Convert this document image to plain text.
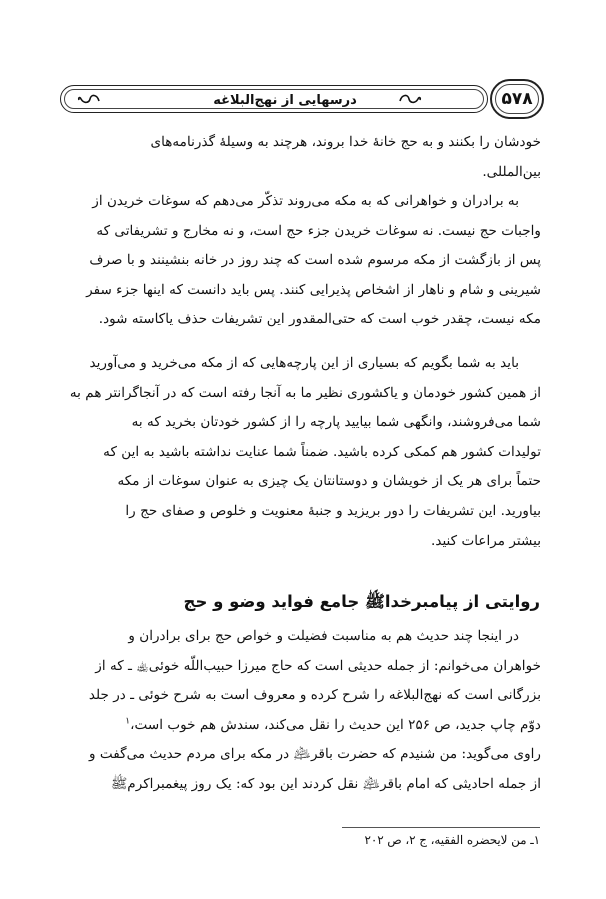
۵۷۸
درسهایی از نهج‌البلاغه

خودشان را بکنند و به حج خانهٔ خدا بروند، هرچند به وسیلهٔ گذرنامه‌های

بین‌المللی.

به برادران و خواهرانی که به مکه می‌روند تذکّر می‌دهم که سوغات خریدن از

واجبات حج نیست. نه سوغات خریدن جزء حج است، و نه مخارج و تشریفاتی که

پس از بازگشت از مکه مرسوم شده است که چند روز در خانه بنشینند و با صرف

شیرینی و شام و ناهار از اشخاص پذیرایی کنند. پس باید دانست که اینها جزء سفر

مکه نیست، چقدر خوب است که حتی‌المقدور این تشریفات حذف یاکاسته شود.

باید به شما بگویم که بسیاری از این پارچه‌هایی که از مکه می‌خرید و می‌آورید

از همین کشور خودمان و یاکشوری نظیر ما به آنجا رفته است که در آنجاگرانتر هم به

شما می‌فروشند، وانگهی شما بیایید پارچه را از کشور خودتان بخرید که به

تولیدات کشور هم کمکی کرده باشید. ضمناً شما عنایت نداشته باشید به این که

حتماً برای هر یک از خویشان و دوستانتان یک چیزی به عنوان سوغات از مکه

بیاورید. این تشریفات را دور بریزید و جنبهٔ معنویت و خلوص و صفای حج را

بیشتر مراعات کنید.

روایتی از پیامبرخداﷺ جامع فواید وضو و حج

در اینجا چند حدیث هم به مناسبت فضیلت و خواص حج برای برادران و

خواهران می‌خوانم: از جمله حدیثی است که حاج میرزا حبیب‌اللّه خوئی﵀ ـ که از

بزرگانی است که نهج‌البلاغه را شرح کرده و معروف است به شرح خوئی ـ در جلد

دوّم چاپ جدید، ص ۲۵۶ این حدیث را نقل می‌کند، سندش هم خوب است،$^۱$

راوی می‌گوید: من شنیدم که حضرت باقر﵇ در مکه برای مردم حدیث می‌گفت و

از جمله احادیثی که امام باقر﵇ نقل کردند این بود که: یک روز پیغمبراکرمﷺ

۱ـ من لایحضره الفقیه، ج ۲، ص ۲۰۲
